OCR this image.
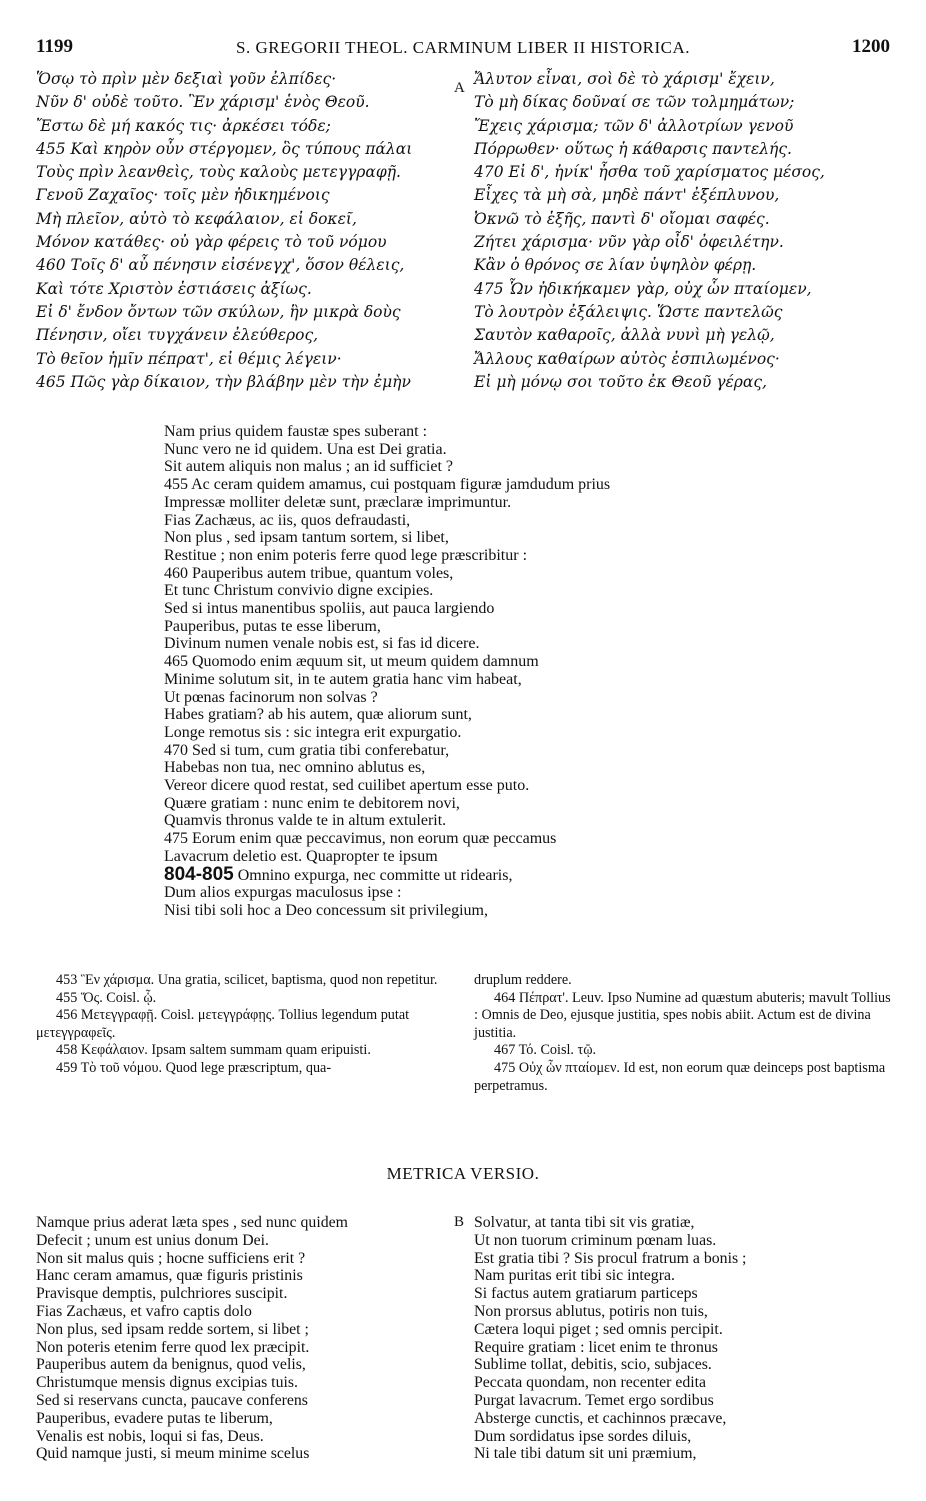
1199	S. GREGORII THEOL. CARMINUM LIBER II HISTORICA.	1200
Ὅσῳ τὸ πρὶν μὲν δεξιαὶ γοῦν ἐλπίδες·
Νῦν δ' οὐδὲ τοῦτο. Ἓν χάρισμ' ἑνὸς Θεοῦ.
Ἔστω δὲ μή κακός τις· ἀρκέσει τόδε;
455 Καὶ κηρὸν οὖν στέργομεν, ὃς τύπους πάλαι
Τοὺς πρὶν λεανθεὶς, τοὺς καλοὺς μετεγγραφῇ.
Γενοῦ Ζαχαῖος· τοῖς μὲν ἠδικημένοις
Μὴ πλεῖον, αὐτὸ τὸ κεφάλαιον, εἰ δοκεῖ,
Μόνον κατάθες· οὐ γὰρ φέρεις τὸ τοῦ νόμου
460 Τοῖς δ' αὖ πένησιν εἰσένεγχ', ὅσον θέλεις,
Καὶ τότε Χριστὸν ἑστιάσεις ἀξίως.
Εἰ δ' ἔνδον ὄντων τῶν σκύλων, ἣν μικρὰ δοὺς
Πένησιν, οἴει τυγχάνειν ἐλεύθερος,
Τὸ θεῖον ἡμῖν πέπρατ', εἰ θέμις λέγειν·
465 Πῶς γὰρ δίκαιον, τὴν βλάβην μὲν τὴν ἐμὴν
A Ἄλυτον εἶναι, σοὶ δὲ τὸ χάρισμ' ἔχειν,
Τὸ μὴ δίκας δοῦναί σε τῶν τολμημάτων;
Ἔχεις χάρισμα; τῶν δ' ἀλλοτρίων γενοῦ
Πόρρωθεν· οὕτως ἡ κάθαρσις παντελής.
470 Εἰ δ', ἡνίκ' ἦσθα τοῦ χαρίσματος μέσος,
Εἶχες τὰ μὴ σὰ, μηδὲ πάντ' ἐξέπλυνου,
Ὀκνῶ τὸ ἑξῆς, παντὶ δ' οἴομαι σαφές.
Ζήτει χάρισμα· νῦν γὰρ οἶδ' ὀφειλέτην.
Κἂν ὁ θρόνος σε λίαν ὑψηλὸν φέρῃ.
475 Ὧν ἠδικήκαμεν γὰρ, οὐχ ὧν πταίομεν,
Τὸ λουτρὸν ἐξάλειψις. Ὥστε παντελῶς
Σαυτὸν καθαροῖς, ἀλλὰ νυνὶ μὴ γελῷ,
Ἄλλους καθαίρων αὐτὸς ἐσπιλωμένος·
Εἰ μὴ μόνῳ σοι τοῦτο ἐκ Θεοῦ γέρας,
Nam prius quidem faustæ spes suberant :
Nunc vero ne id quidem. Una est Dei gratia.
Sit autem aliquis non malus ; an id sufficiet ?
455 Ac ceram quidem amamus, cui postquam figuræ jamdudum prius
Impressæ molliter deletæ sunt, præclaræ imprimuntur.
Fias Zachæus, ac iis, quos defraudasti,
Non plus , sed ipsam tantum sortem, si libet,
Restitue ; non enim poteris ferre quod lege præscribitur :
460 Pauperibus autem tribue, quantum voles,
Et tunc Christum convivio digne excipies.
Sed si intus manentibus spoliis, aut pauca largiendo
Pauperibus, putas te esse liberum,
Divinum numen venale nobis est, si fas id dicere.
465 Quomodo enim æquum sit, ut meum quidem damnum
Minime solutum sit, in te autem gratia hanc vim habeat,
Ut pœnas facinorum non solvas ?
Habes gratiam? ab his autem, quæ aliorum sunt,
Longe remotus sis : sic integra erit expurgatio.
470 Sed si tum, cum gratia tibi conferebatur,
Habebas non tua, nec omnino ablutus es,
Vereor dicere quod restat, sed cuilibet apertum esse puto.
Quære gratiam : nunc enim te debitorem novi,
Quamvis thronus valde te in altum extulerit.
475 Eorum enim quæ peccavimus, non eorum quæ peccamus
Lavacrum deletio est. Quapropter te ipsum
804-805 Omnino expurga, nec committe ut ridearis,
Dum alios expurgas maculosus ipse :
Nisi tibi soli hoc a Deo concessum sit privilegium,

453 Ἓν χάρισμα. Una gratia, scilicet, baptisma, quod non repetitur.

455 Ὅς. Coisl. ᾧ.

456 Μετεγγραφῇ. Coisl. μετεγγράφῃς. Tollius legendum putat μετεγγραφεῖς.

458 Κεφάλαιον. Ipsam saltem summam quam eripuisti.

459 Τὸ τοῦ νόμου. Quod lege præscriptum, qua-

druplum reddere.

464 Πέπρατ'. Leuv. Ipso Numine ad quæstum abuteris; mavult Tollius : Omnis de Deo, ejusque justitia, spes nobis abiit. Actum est de divina justitia.

467 Τό. Coisl. τῷ.

475 Οὐχ ὧν πταίομεν. Id est, non eorum quæ deinceps post baptisma perpetramus.

METRICA VERSIO.
Namque prius aderat læta spes , sed nunc quidem
Defecit ; unum est unius donum Dei.
Non sit malus quis ; hocne sufficiens erit ?
Hanc ceram amamus, quæ figuris pristinis
Pravisque demptis, pulchriores suscipit.
Fias Zachæus, et vafro captis dolo
Non plus, sed ipsam redde sortem, si libet ;
Non poteris etenim ferre quod lex præcipit.
Pauperibus autem da benignus, quod velis,
Christumque mensis dignus excipias tuis.
Sed si reservans cuncta, paucave conferens
Pauperibus, evadere putas te liberum,
Venalis est nobis, loqui si fas, Deus.
Quid namque justi, si meum minime scelus
B Solvatur, at tanta tibi sit vis gratiæ,
Ut non tuorum criminum pœnam luas.
Est gratia tibi ? Sis procul fratrum a bonis ;
Nam puritas erit tibi sic integra.
Si factus autem gratiarum particeps
Non prorsus ablutus, potiris non tuis,
Cætera loqui piget ; sed omnis percipit.
Require gratiam : licet enim te thronus
Sublime tollat, debitis, scio, subjaces.
Peccata quondam, non recenter edita
Purgat lavacrum. Temet ergo sordibus
Absterge cunctis, et cachinnos præcave,
Dum sordidatus ipse sordes diluis,
Ni tale tibi datum sit uni præmium,
